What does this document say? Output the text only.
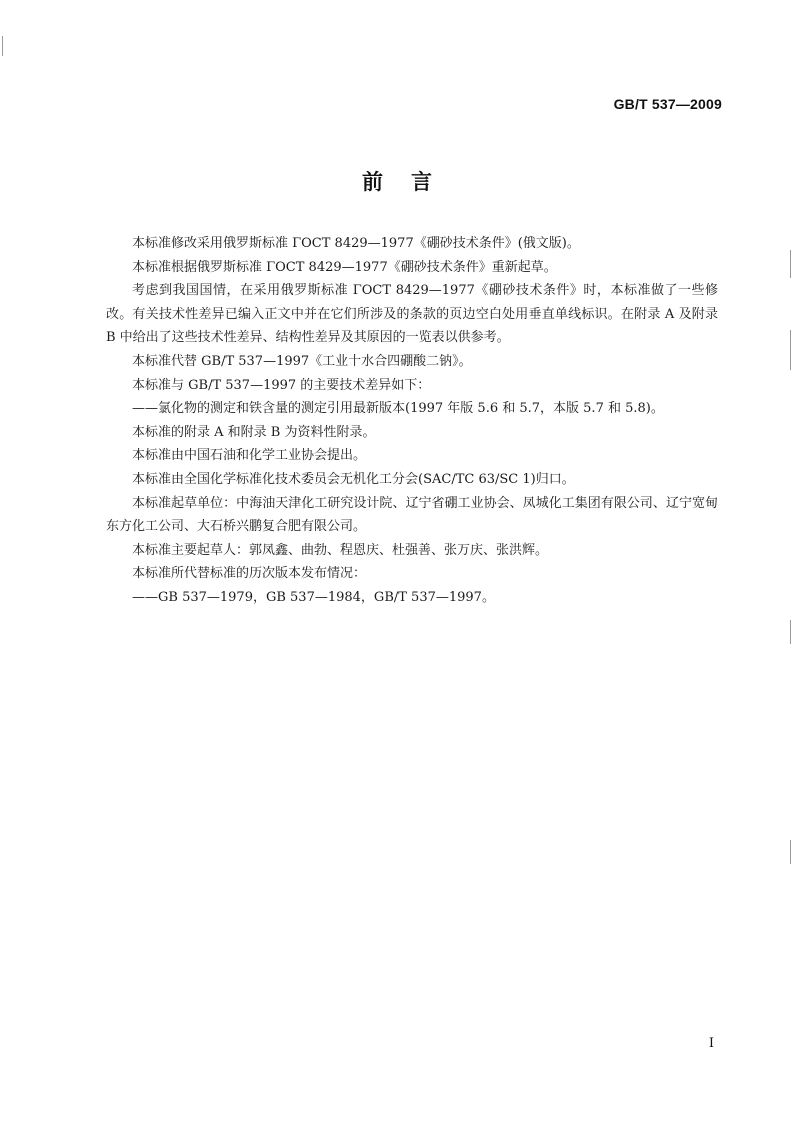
GB/T 537—2009
前言

本标准修改采用俄罗斯标准 ΓOCT 8429—1977《硼砂技术条件》(俄文版)。

本标准根据俄罗斯标准 ΓOCT 8429—1977《硼砂技术条件》重新起草。

考虑到我国国情，在采用俄罗斯标准 ΓOCT 8429—1977《硼砂技术条件》时，本标准做了一些修改。有关技术性差异已编入正文中并在它们所涉及的条款的页边空白处用垂直单线标识。在附录 A 及附录 B 中给出了这些技术性差异、结构性差异及其原因的一览表以供参考。

本标准代替 GB/T 537—1997《工业十水合四硼酸二钠》。

本标准与 GB/T 537—1997 的主要技术差异如下：

——氯化物的测定和铁含量的测定引用最新版本(1997 年版 5.6 和 5.7，本版 5.7 和 5.8)。

本标准的附录 A 和附录 B 为资料性附录。

本标准由中国石油和化学工业协会提出。

本标准由全国化学标准化技术委员会无机化工分会(SAC/TC 63/SC 1)归口。

本标准起草单位：中海油天津化工研究设计院、辽宁省硼工业协会、凤城化工集团有限公司、辽宁宽甸东方化工公司、大石桥兴鹏复合肥有限公司。

本标准主要起草人：郭凤鑫、曲勃、程恩庆、杜强善、张万庆、张洪辉。

本标准所代替标准的历次版本发布情况：

——GB 537—1979，GB 537—1984，GB/T 537—1997。

I
